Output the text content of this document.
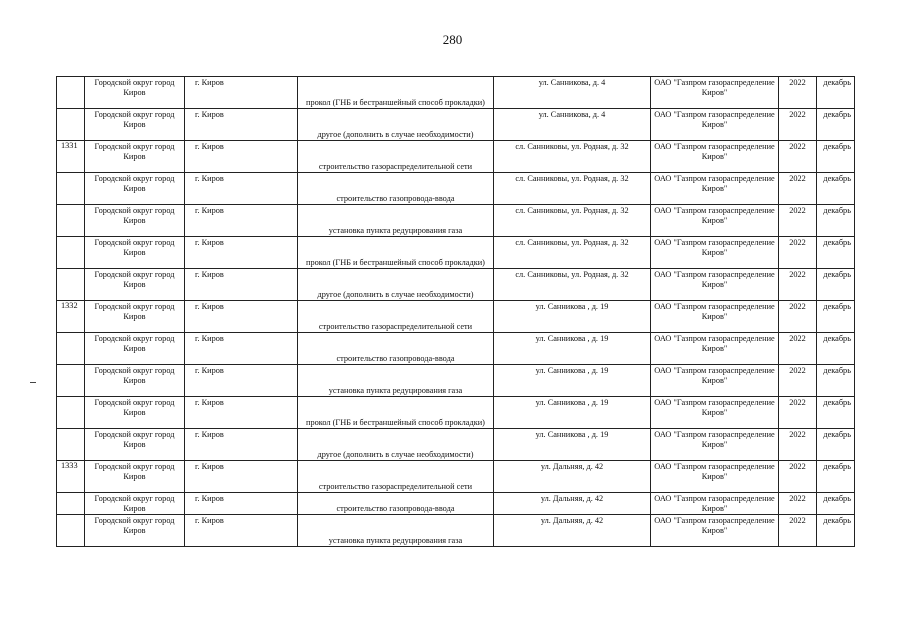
280
	Городской округ город Киров	г. Киров	прокол (ГНБ и бестраншейный способ прокладки)	ул. Санникова, д. 4	ОАО "Газпром газораспределение Киров"	2022	декабрь
	Городской округ город Киров	г. Киров	другое (дополнить в случае необходимости)	ул. Санникова, д. 4	ОАО "Газпром газораспределение Киров"	2022	декабрь
1331	Городской округ город Киров	г. Киров	строительство газораспределительной сети	сл. Санниковы, ул. Родная, д. 32	ОАО "Газпром газораспределение Киров"	2022	декабрь
	Городской округ город Киров	г. Киров	строительство газопровода-ввода	сл. Санниковы, ул. Родная, д. 32	ОАО "Газпром газораспределение Киров"	2022	декабрь
	Городской округ город Киров	г. Киров	установка пункта редуцирования газа	сл. Санниковы, ул. Родная, д. 32	ОАО "Газпром газораспределение Киров"	2022	декабрь
	Городской округ город Киров	г. Киров	прокол (ГНБ и бестраншейный способ прокладки)	сл. Санниковы, ул. Родная, д. 32	ОАО "Газпром газораспределение Киров"	2022	декабрь
	Городской округ город Киров	г. Киров	другое (дополнить в случае необходимости)	сл. Санниковы, ул. Родная, д. 32	ОАО "Газпром газораспределение Киров"	2022	декабрь
1332	Городской округ город Киров	г. Киров	строительство газораспределительной сети	ул. Санникова , д. 19	ОАО "Газпром газораспределение Киров"	2022	декабрь
	Городской округ город Киров	г. Киров	строительство газопровода-ввода	ул. Санникова , д. 19	ОАО "Газпром газораспределение Киров"	2022	декабрь
	Городской округ город Киров	г. Киров	установка пункта редуцирования газа	ул. Санникова , д. 19	ОАО "Газпром газораспределение Киров"	2022	декабрь
	Городской округ город Киров	г. Киров	прокол (ГНБ и бестраншейный способ прокладки)	ул. Санникова , д. 19	ОАО "Газпром газораспределение Киров"	2022	декабрь
	Городской округ город Киров	г. Киров	другое (дополнить в случае необходимости)	ул. Санникова , д. 19	ОАО "Газпром газораспределение Киров"	2022	декабрь
1333	Городской округ город Киров	г. Киров	строительство газораспределительной сети	ул. Дальняя, д. 42	ОАО "Газпром газораспределение Киров"	2022	декабрь
	Городской округ город Киров	г. Киров	строительство газопровода-ввода	ул. Дальняя, д. 42	ОАО "Газпром газораспределение Киров"	2022	декабрь
	Городской округ город Киров	г. Киров	установка пункта редуцирования газа	ул. Дальняя, д. 42	ОАО "Газпром газораспределение Киров"	2022	декабрь
